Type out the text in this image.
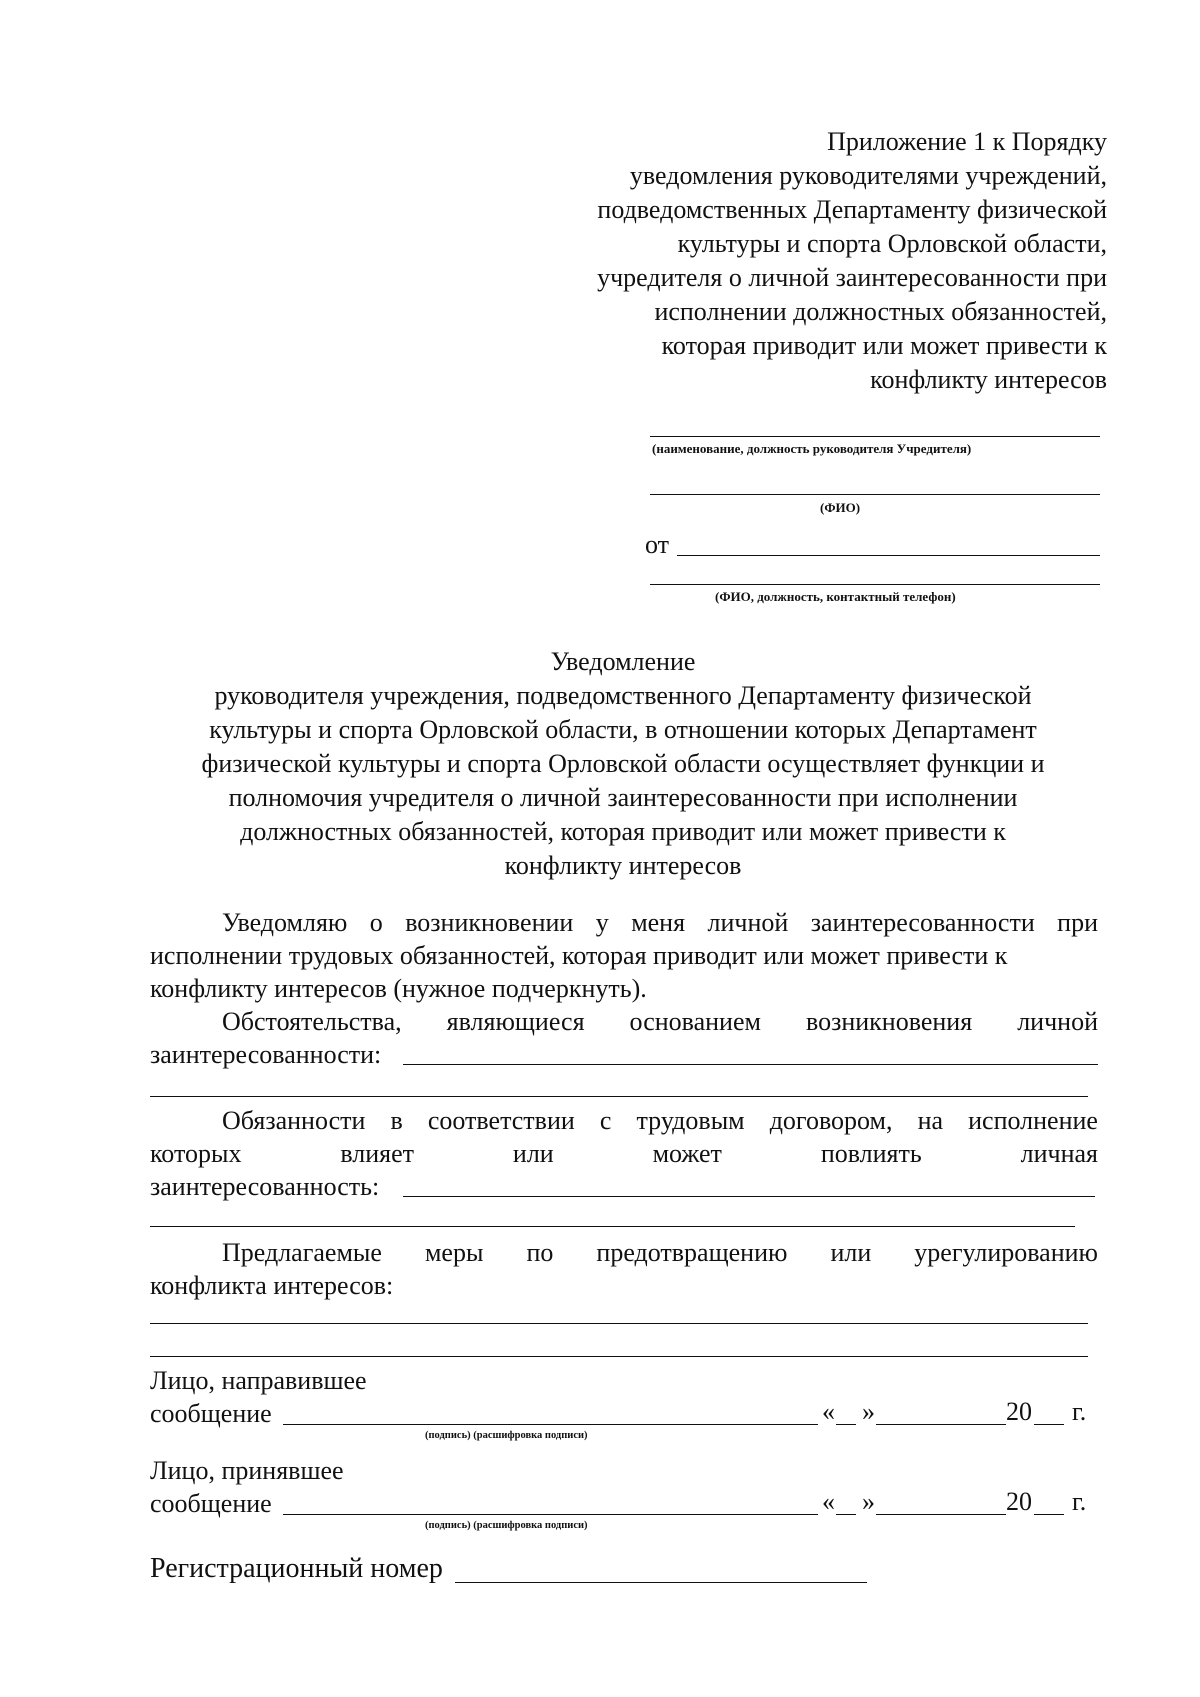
Приложение 1 к Порядку
уведомления руководителями учреждений,
подведомственных Департаменту физической
культуры и спорта Орловской области,
учредителя о личной заинтересованности при
исполнении должностных обязанностей,
которая приводит или может привести к
конфликту интересов
(наименование, должность руководителя Учредителя)
(ФИО)
от
(ФИО, должность, контактный телефон)
Уведомление
руководителя учреждения, подведомственного Департаменту физической
культуры и спорта Орловской области, в отношении которых Департамент
физической культуры и спорта Орловской области осуществляет функции и
полномочия учредителя о личной заинтересованности при исполнении
должностных обязанностей, которая приводит или может привести к
конфликту интересов
Уведомляю о возникновении у меня личной заинтересованности при
исполнении трудовых обязанностей, которая приводит или может привести к
конфликту интересов (нужное подчеркнуть).
Обстоятельства, являющиеся основанием возникновения личной
заинтересованности:
Обязанности в соответствии с трудовым договором, на исполнение
которых	влияет	или	может	повлиять	личная
заинтересованность:
Предлагаемые меры по предотвращению или урегулированию
конфликта интересов:
Лицо, направившее
сообщение
(подпись) (расшифровка подписи)
« »	20 г.
Лицо, принявшее
сообщение
(подпись) (расшифровка подписи)
« »	20 г.
Регистрационный номер
